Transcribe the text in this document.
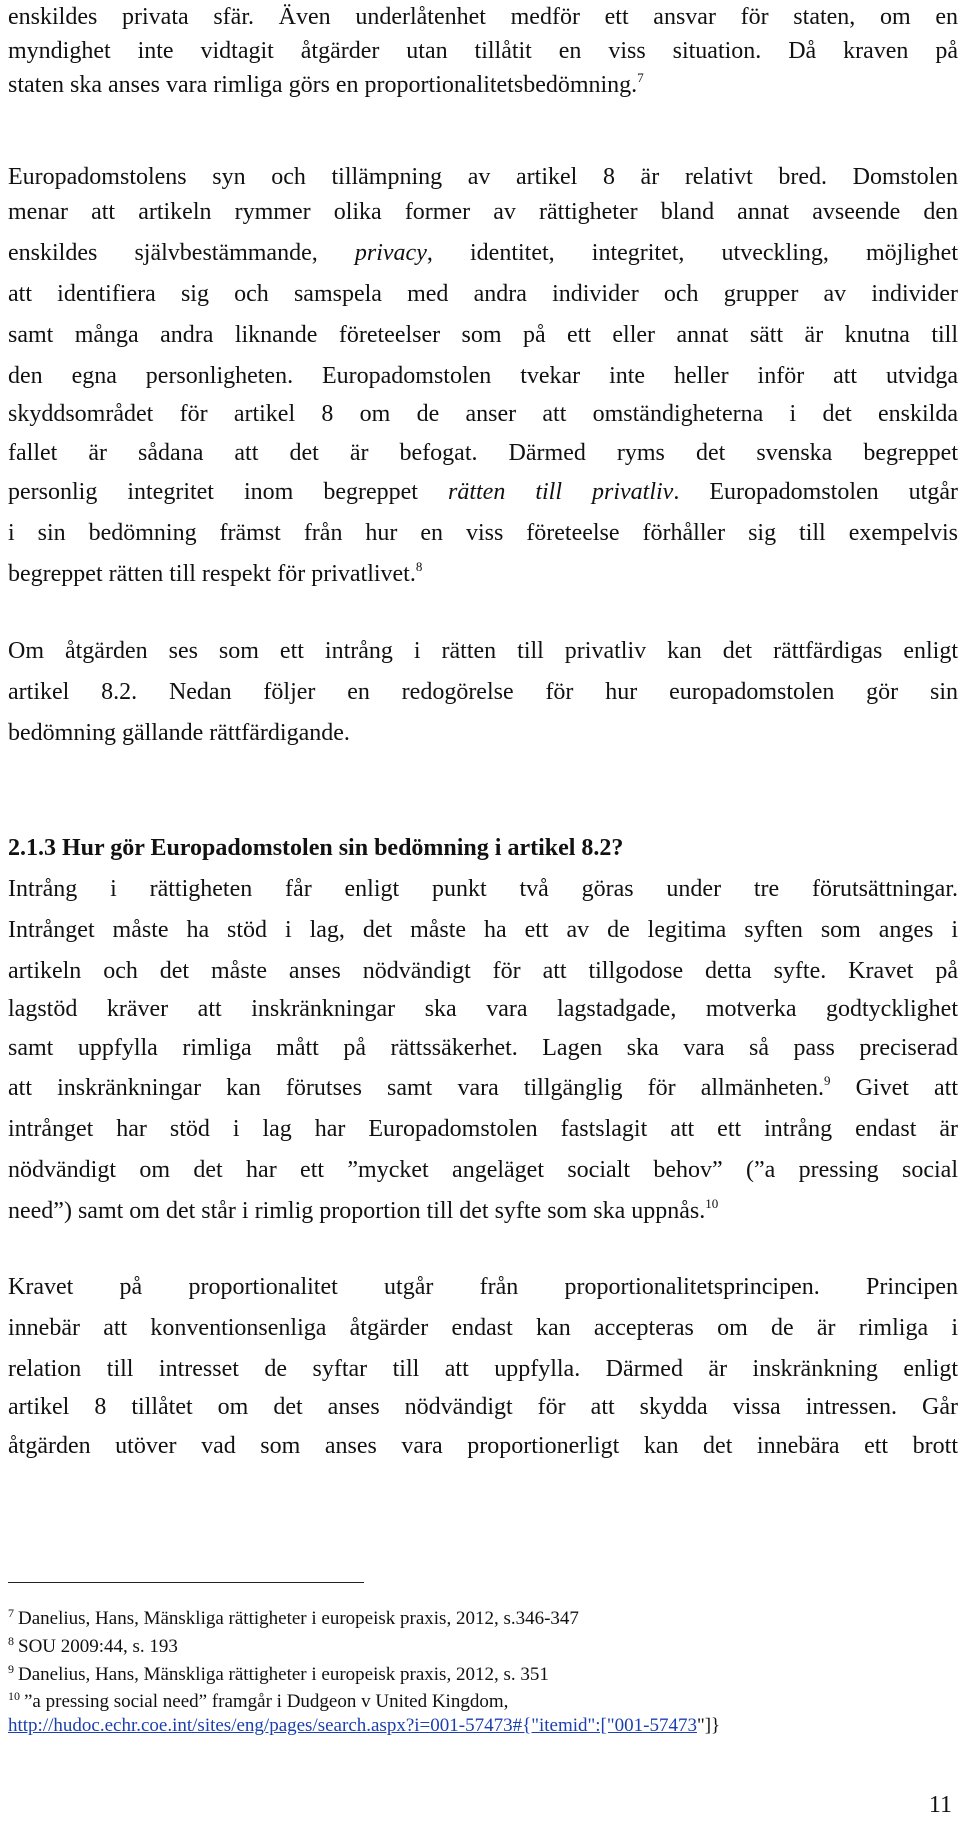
enskildes privata sfär. Även underlåtenhet medför ett ansvar för staten, om en
myndighet inte vidtagit åtgärder utan tillåtit en viss situation. Då kraven på
staten ska anses vara rimliga görs en proportionalitetsbedömning.$^7$
Europadomstolens syn och tillämpning av artikel 8 är relativt bred. Domstolen
menar att artikeln rymmer olika former av rättigheter bland annat avseende den
enskildes självbestämmande, privacy, identitet, integritet, utveckling, möjlighet
att identifiera sig och samspela med andra individer och grupper av individer
samt många andra liknande företeelser som på ett eller annat sätt är knutna till
den egna personligheten. Europadomstolen tvekar inte heller inför att utvidga
skyddsområdet för artikel 8 om de anser att omständigheterna i det enskilda
fallet är sådana att det är befogat. Därmed ryms det svenska begreppet
personlig integritet inom begreppet rätten till privatliv. Europadomstolen utgår
i sin bedömning främst från hur en viss företeelse förhåller sig till exempelvis
begreppet rätten till respekt för privatlivet.$^8$
Om åtgärden ses som ett intrång i rätten till privatliv kan det rättfärdigas enligt
artikel 8.2. Nedan följer en redogörelse för hur europadomstolen gör sin
bedömning gällande rättfärdigande.
2.1.3 Hur gör Europadomstolen sin bedömning i artikel 8.2?
Intrång i rättigheten får enligt punkt två göras under tre förutsättningar.
Intrånget måste ha stöd i lag, det måste ha ett av de legitima syften som anges i
artikeln och det måste anses nödvändigt för att tillgodose detta syfte. Kravet på
lagstöd kräver att inskränkningar ska vara lagstadgade, motverka godtycklighet
samt uppfylla rimliga mått på rättssäkerhet. Lagen ska vara så pass preciserad
att inskränkningar kan förutses samt vara tillgänglig för allmänheten.$^9$ Givet att
intrånget har stöd i lag har Europadomstolen fastslagit att ett intrång endast är
nödvändigt om det har ett ”mycket angeläget socialt behov” (”a pressing social
need”) samt om det står i rimlig proportion till det syfte som ska uppnås.$^{10}$
Kravet på proportionalitet utgår från proportionalitetsprincipen. Principen
innebär att konventionsenliga åtgärder endast kan accepteras om de är rimliga i
relation till intresset de syftar till att uppfylla. Därmed är inskränkning enligt
artikel 8 tillåtet om det anses nödvändigt för att skydda vissa intressen. Går
åtgärden utöver vad som anses vara proportionerligt kan det innebära ett brott
$^7$ Danelius, Hans, Mänskliga rättigheter i europeisk praxis, 2012, s.346-347
$^8$ SOU 2009:44, s. 193
$^9$ Danelius, Hans, Mänskliga rättigheter i europeisk praxis, 2012, s. 351
$^{10}$ ”a pressing social need” framgår i Dudgeon v United Kingdom,
http://hudoc.echr.coe.int/sites/eng/pages/search.aspx?i=001-57473#{"itemid":["001-57473"]}
11
